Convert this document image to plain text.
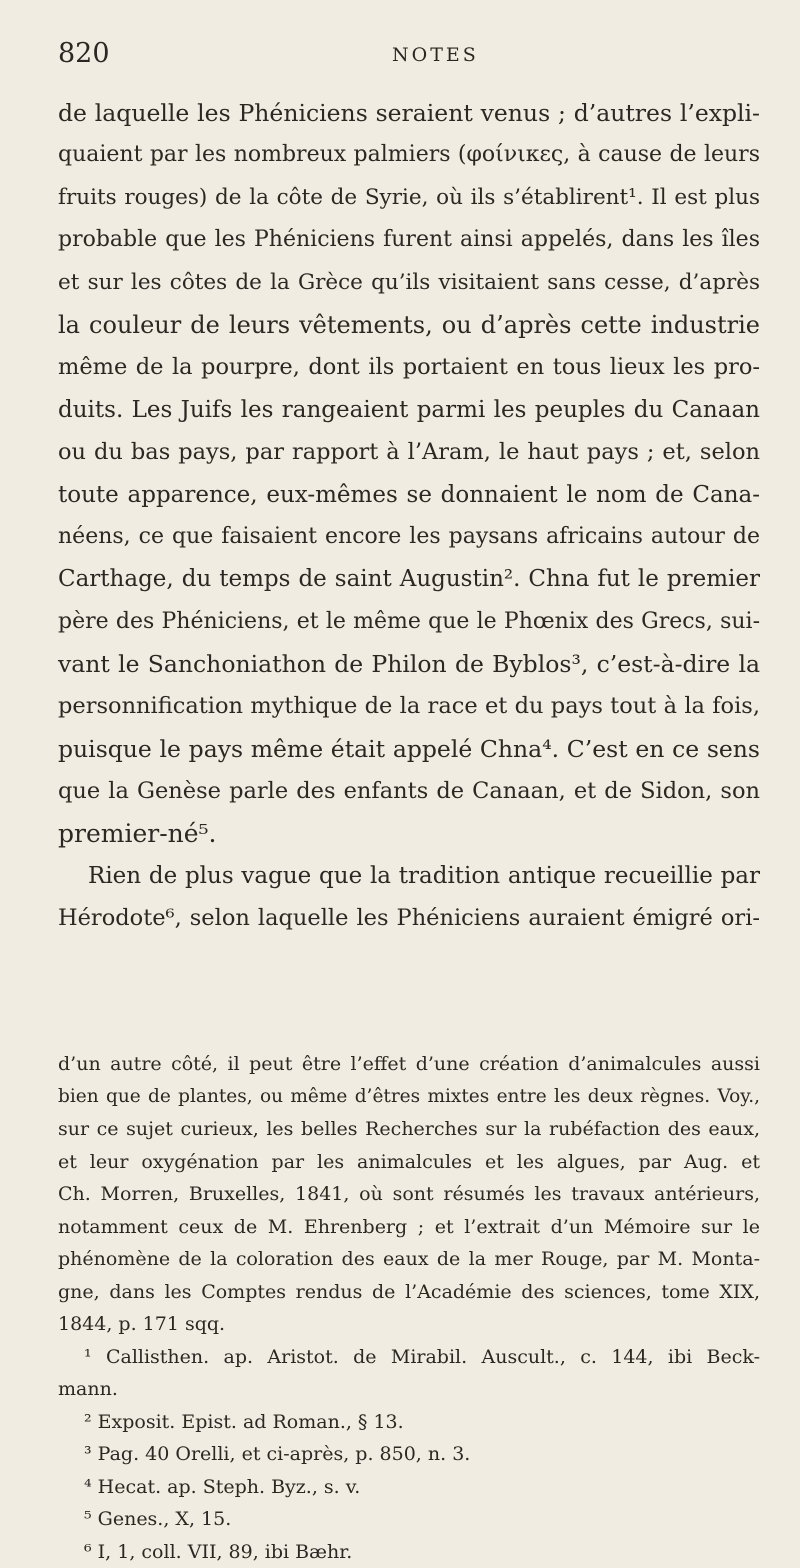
820	NOTES
de laquelle les Phéniciens seraient venus ; d’autres l’expli-
quaient par les nombreux palmiers (φοίνικες, à cause de leurs
fruits rouges) de la côte de Syrie, où ils s’établirent¹. Il est plus
probable que les Phéniciens furent ainsi appelés, dans les îles
et sur les côtes de la Grèce qu’ils visitaient sans cesse, d’après
la couleur de leurs vêtements, ou d’après cette industrie
même de la pourpre, dont ils portaient en tous lieux les pro-
duits. Les Juifs les rangeaient parmi les peuples du Canaan
ou du bas pays, par rapport à l’Aram, le haut pays ; et, selon
toute apparence, eux-mêmes se donnaient le nom de Cana-
néens, ce que faisaient encore les paysans africains autour de
Carthage, du temps de saint Augustin². Chna fut le premier
père des Phéniciens, et le même que le Phœnix des Grecs, sui-
vant le Sanchoniathon de Philon de Byblos³, c’est-à-dire la
personnification mythique de la race et du pays tout à la fois,
puisque le pays même était appelé Chna⁴. C’est en ce sens
que la Genèse parle des enfants de Canaan, et de Sidon, son
premier-né⁵.
Rien de plus vague que la tradition antique recueillie par
Hérodote⁶, selon laquelle les Phéniciens auraient émigré ori-
d’un autre côté, il peut être l’effet d’une création d’animalcules aussi
bien que de plantes, ou même d’êtres mixtes entre les deux règnes. Voy.,
sur ce sujet curieux, les belles Recherches sur la rubéfaction des eaux,
et leur oxygénation par les animalcules et les algues, par Aug. et
Ch. Morren, Bruxelles, 1841, où sont résumés les travaux antérieurs,
notamment ceux de M. Ehrenberg ; et l’extrait d’un Mémoire sur le
phénomène de la coloration des eaux de la mer Rouge, par M. Monta-
gne, dans les Comptes rendus de l’Académie des sciences, tome XIX,
1844, p. 171 sqq.
¹ Callisthen. ap. Aristot. de Mirabil. Auscult., c. 144, ibi Beck-
mann.
² Exposit. Epist. ad Roman., § 13.
³ Pag. 40 Orelli, et ci-après, p. 850, n. 3.
⁴ Hecat. ap. Steph. Byz., s. v.
⁵ Genes., X, 15.
⁶ I, 1, coll. VII, 89, ibi Bæhr.
